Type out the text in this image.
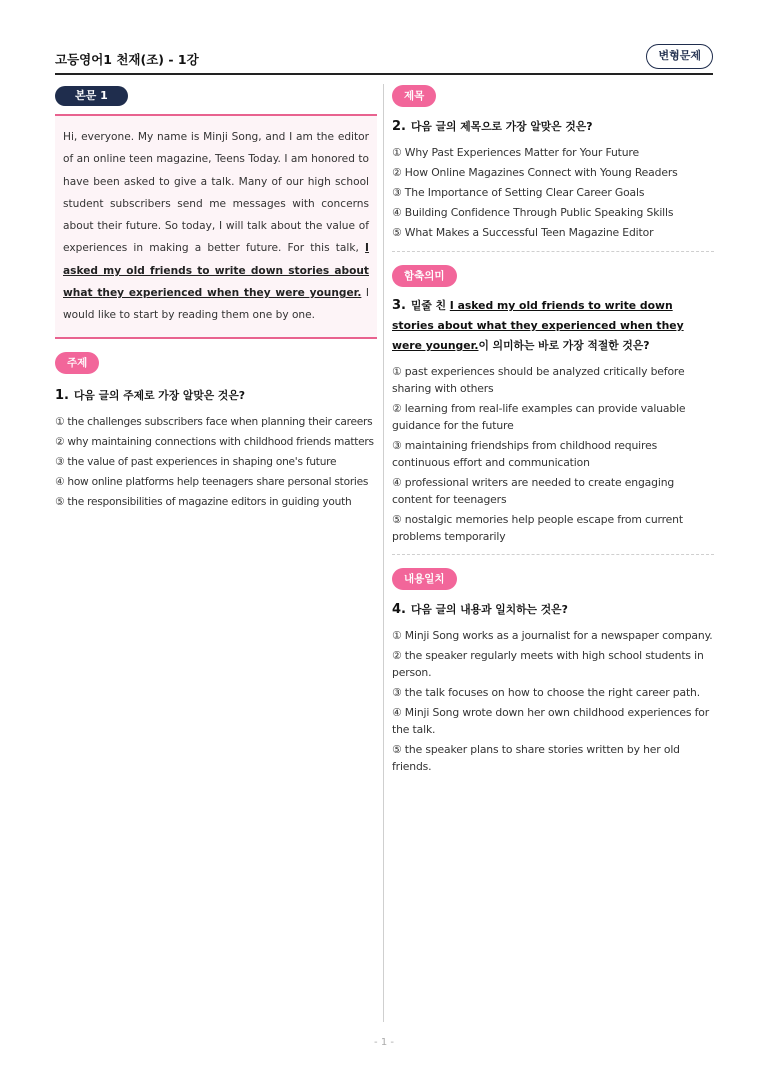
고등영어1 천재(조) - 1강	변형문제
본문 1
Hi, everyone. My name is Minji Song, and I am the editor of an online teen magazine, Teens Today. I am honored to have been asked to give a talk. Many of our high school student subscribers send me messages with concerns about their future. So today, I will talk about the value of experiences in making a better future. For this talk, I asked my old friends to write down stories about what they experienced when they were younger. I would like to start by reading them one by one.
주제
1. 다음 글의 주제로 가장 알맞은 것은?
① the challenges subscribers face when planning their careers
② why maintaining connections with childhood friends matters
③ the value of past experiences in shaping one's future
④ how online platforms help teenagers share personal stories
⑤ the responsibilities of magazine editors in guiding youth
제목
2. 다음 글의 제목으로 가장 알맞은 것은?
① Why Past Experiences Matter for Your Future
② How Online Magazines Connect with Young Readers
③ The Importance of Setting Clear Career Goals
④ Building Confidence Through Public Speaking Skills
⑤ What Makes a Successful Teen Magazine Editor
함축의미
3. 밑줄 친 I asked my old friends to write down stories about what they experienced when they were younger.이 의미하는 바로 가장 적절한 것은?
① past experiences should be analyzed critically before sharing with others
② learning from real-life examples can provide valuable guidance for the future
③ maintaining friendships from childhood requires continuous effort and communication
④ professional writers are needed to create engaging content for teenagers
⑤ nostalgic memories help people escape from current problems temporarily
내용일치
4. 다음 글의 내용과 일치하는 것은?
① Minji Song works as a journalist for a newspaper company.
② the speaker regularly meets with high school students in person.
③ the talk focuses on how to choose the right career path.
④ Minji Song wrote down her own childhood experiences for the talk.
⑤ the speaker plans to share stories written by her old friends.
- 1 -
